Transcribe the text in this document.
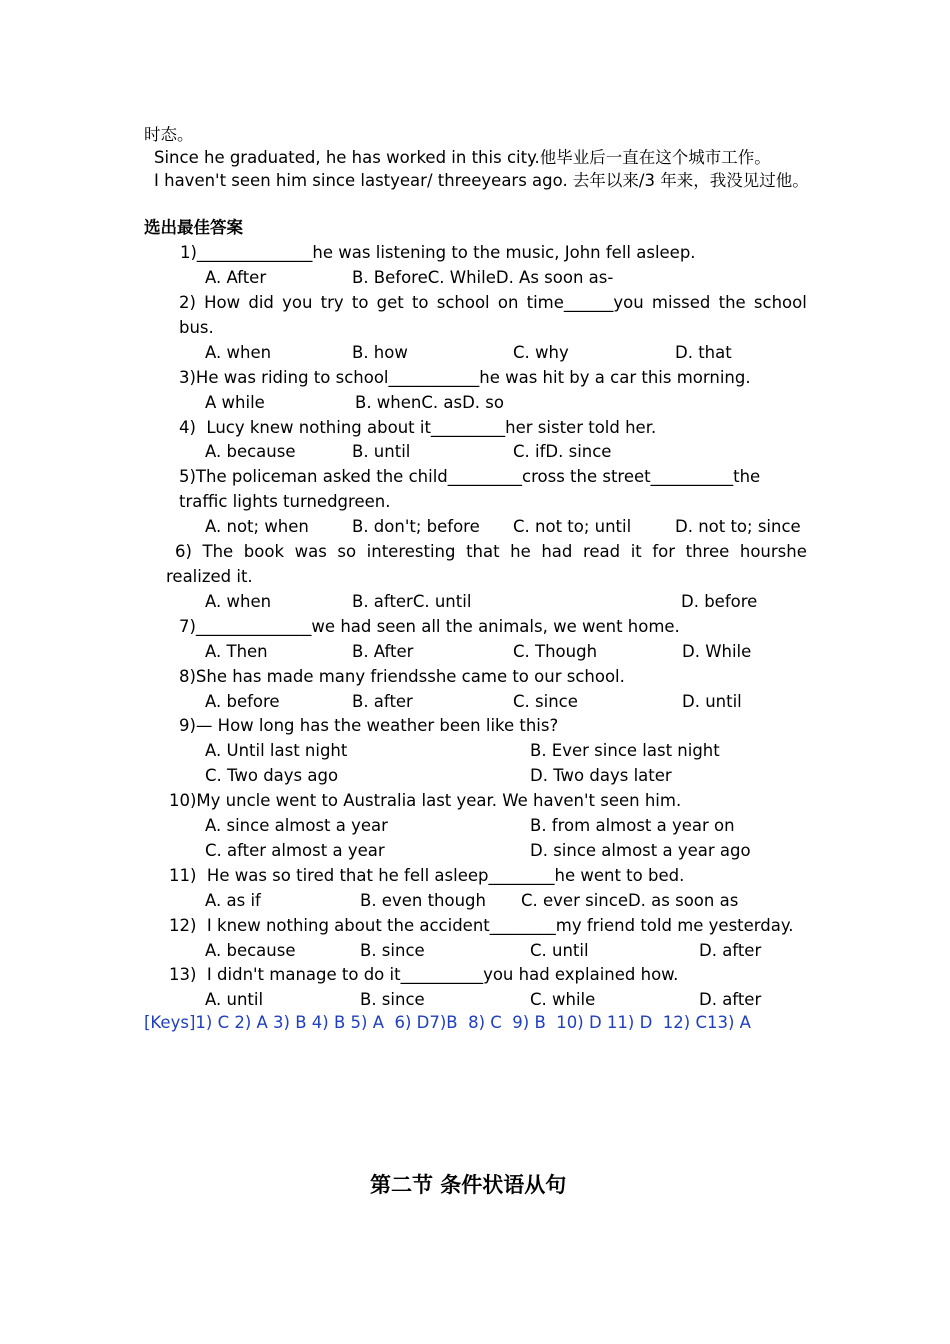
时态。
Since he graduated, he has worked in this city.他毕业后一直在这个城市工作。
I haven't seen him since lastyear/ threeyears ago. 去年以来/3 年来，我没见过他。
选出最佳答案
1)______________he was listening to the music, John fell asleep.
A. After	B. BeforeC. WhileD. As soon as-
2) How did you try to get to school on time______you missed the school
bus.
A. when	B. how	C. why	D. that
3)He was riding to school___________he was hit by a car this morning.
A while	B. whenC. asD. so
4)  Lucy knew nothing about it_________her sister told her.
A. because	B. until	C. ifD. since
5)The policeman asked the child_________cross the street__________the
traffic lights turnedgreen.
A. not; when	B. don't; before C. not to; until	D. not to; since
6) The book was so interesting that he had read it for three hourshe
realized it.
A. when	B. afterC. until	D. before
7)______________we had seen all the animals, we went home.
A. Then	B. After	C. Though	D. While
8)She has made many friendsshe came to our school.
A. before	B. after	C. since	D. until
9)— How long has the weather been like this?
A. Until last night	B. Ever since last night
C. Two days ago	D. Two days later
10)My uncle went to Australia last year. We haven't seen him.
A. since almost a year	B. from almost a year on
C. after almost a year	D. since almost a year ago
11)  He was so tired that he fell asleep________he went to bed.
A. as if	B. even though C. ever sinceD. as soon as
12)  I knew nothing about the accident________my friend told me yesterday.
A. because	B. since	C. until	D. after
13)  I didn't manage to do it__________you had explained how.
A. until	B. since	C. while	D. after
[Keys]1) C 2) A 3) B 4) B 5) A  6) D7)B  8) C  9) B  10) D 11) D  12) C13) A
第二节 条件状语从句
